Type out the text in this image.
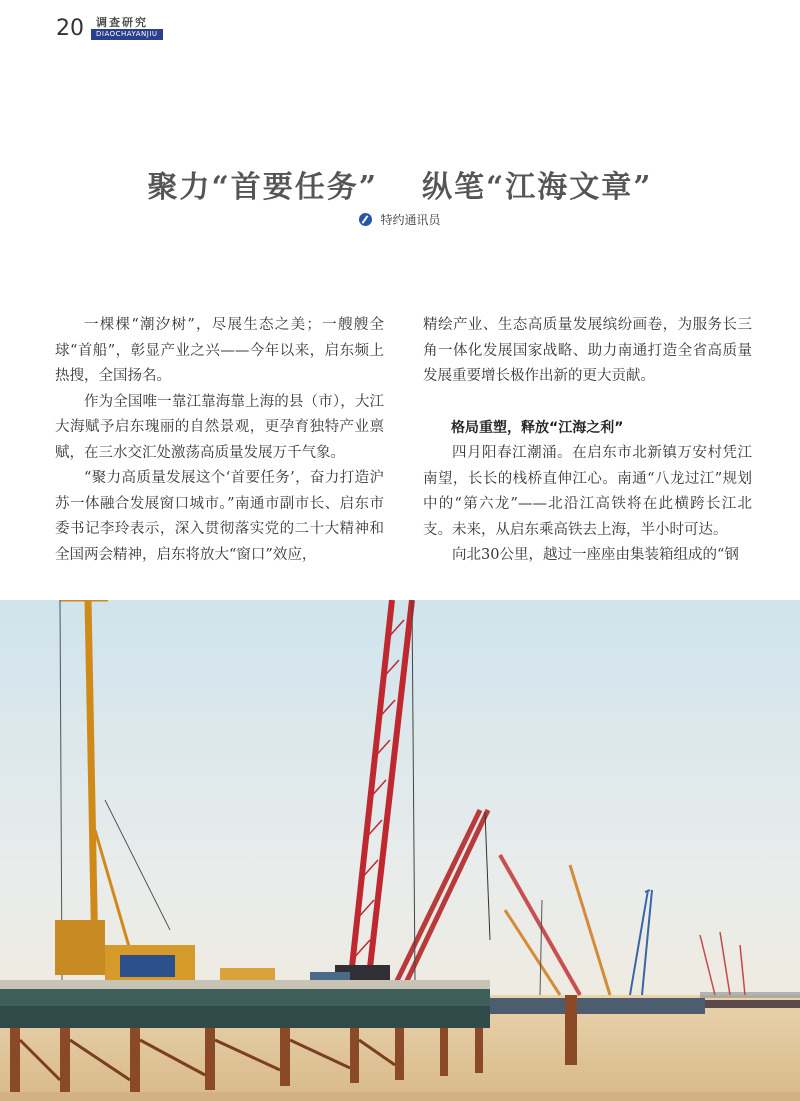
20 调查研究
DIAOCHAYANJIU
聚力“首要任务” 纵笔“江海文章”
特约通讯员

一棵棵“潮汐树”，尽展生态之美；一艘艘全球“首船”，彰显产业之兴——今年以来，启东频上热搜，全国扬名。

作为全国唯一靠江靠海靠上海的县（市），大江大海赋予启东瑰丽的自然景观，更孕育独特产业禀赋，在三水交汇处激荡高质量发展万千气象。

“聚力高质量发展这个‘首要任务’，奋力打造沪苏一体融合发展窗口城市。”南通市副市长、启东市委书记李玲表示，深入贯彻落实党的二十大精神和全国两会精神，启东将放大“窗口”效应，

精绘产业、生态高质量发展缤纷画卷，为服务长三角一体化发展国家战略、助力南通打造全省高质量发展重要增长极作出新的更大贡献。

格局重塑，释放“江海之利”

四月阳春江潮涌。在启东市北新镇万安村凭江南望，长长的栈桥直伸江心。南通“八龙过江”规划中的“第六龙”——北沿江高铁将在此横跨长江北支。未来，从启东乘高铁去上海，半小时可达。

向北30公里，越过一座座由集装箱组成的“钢
